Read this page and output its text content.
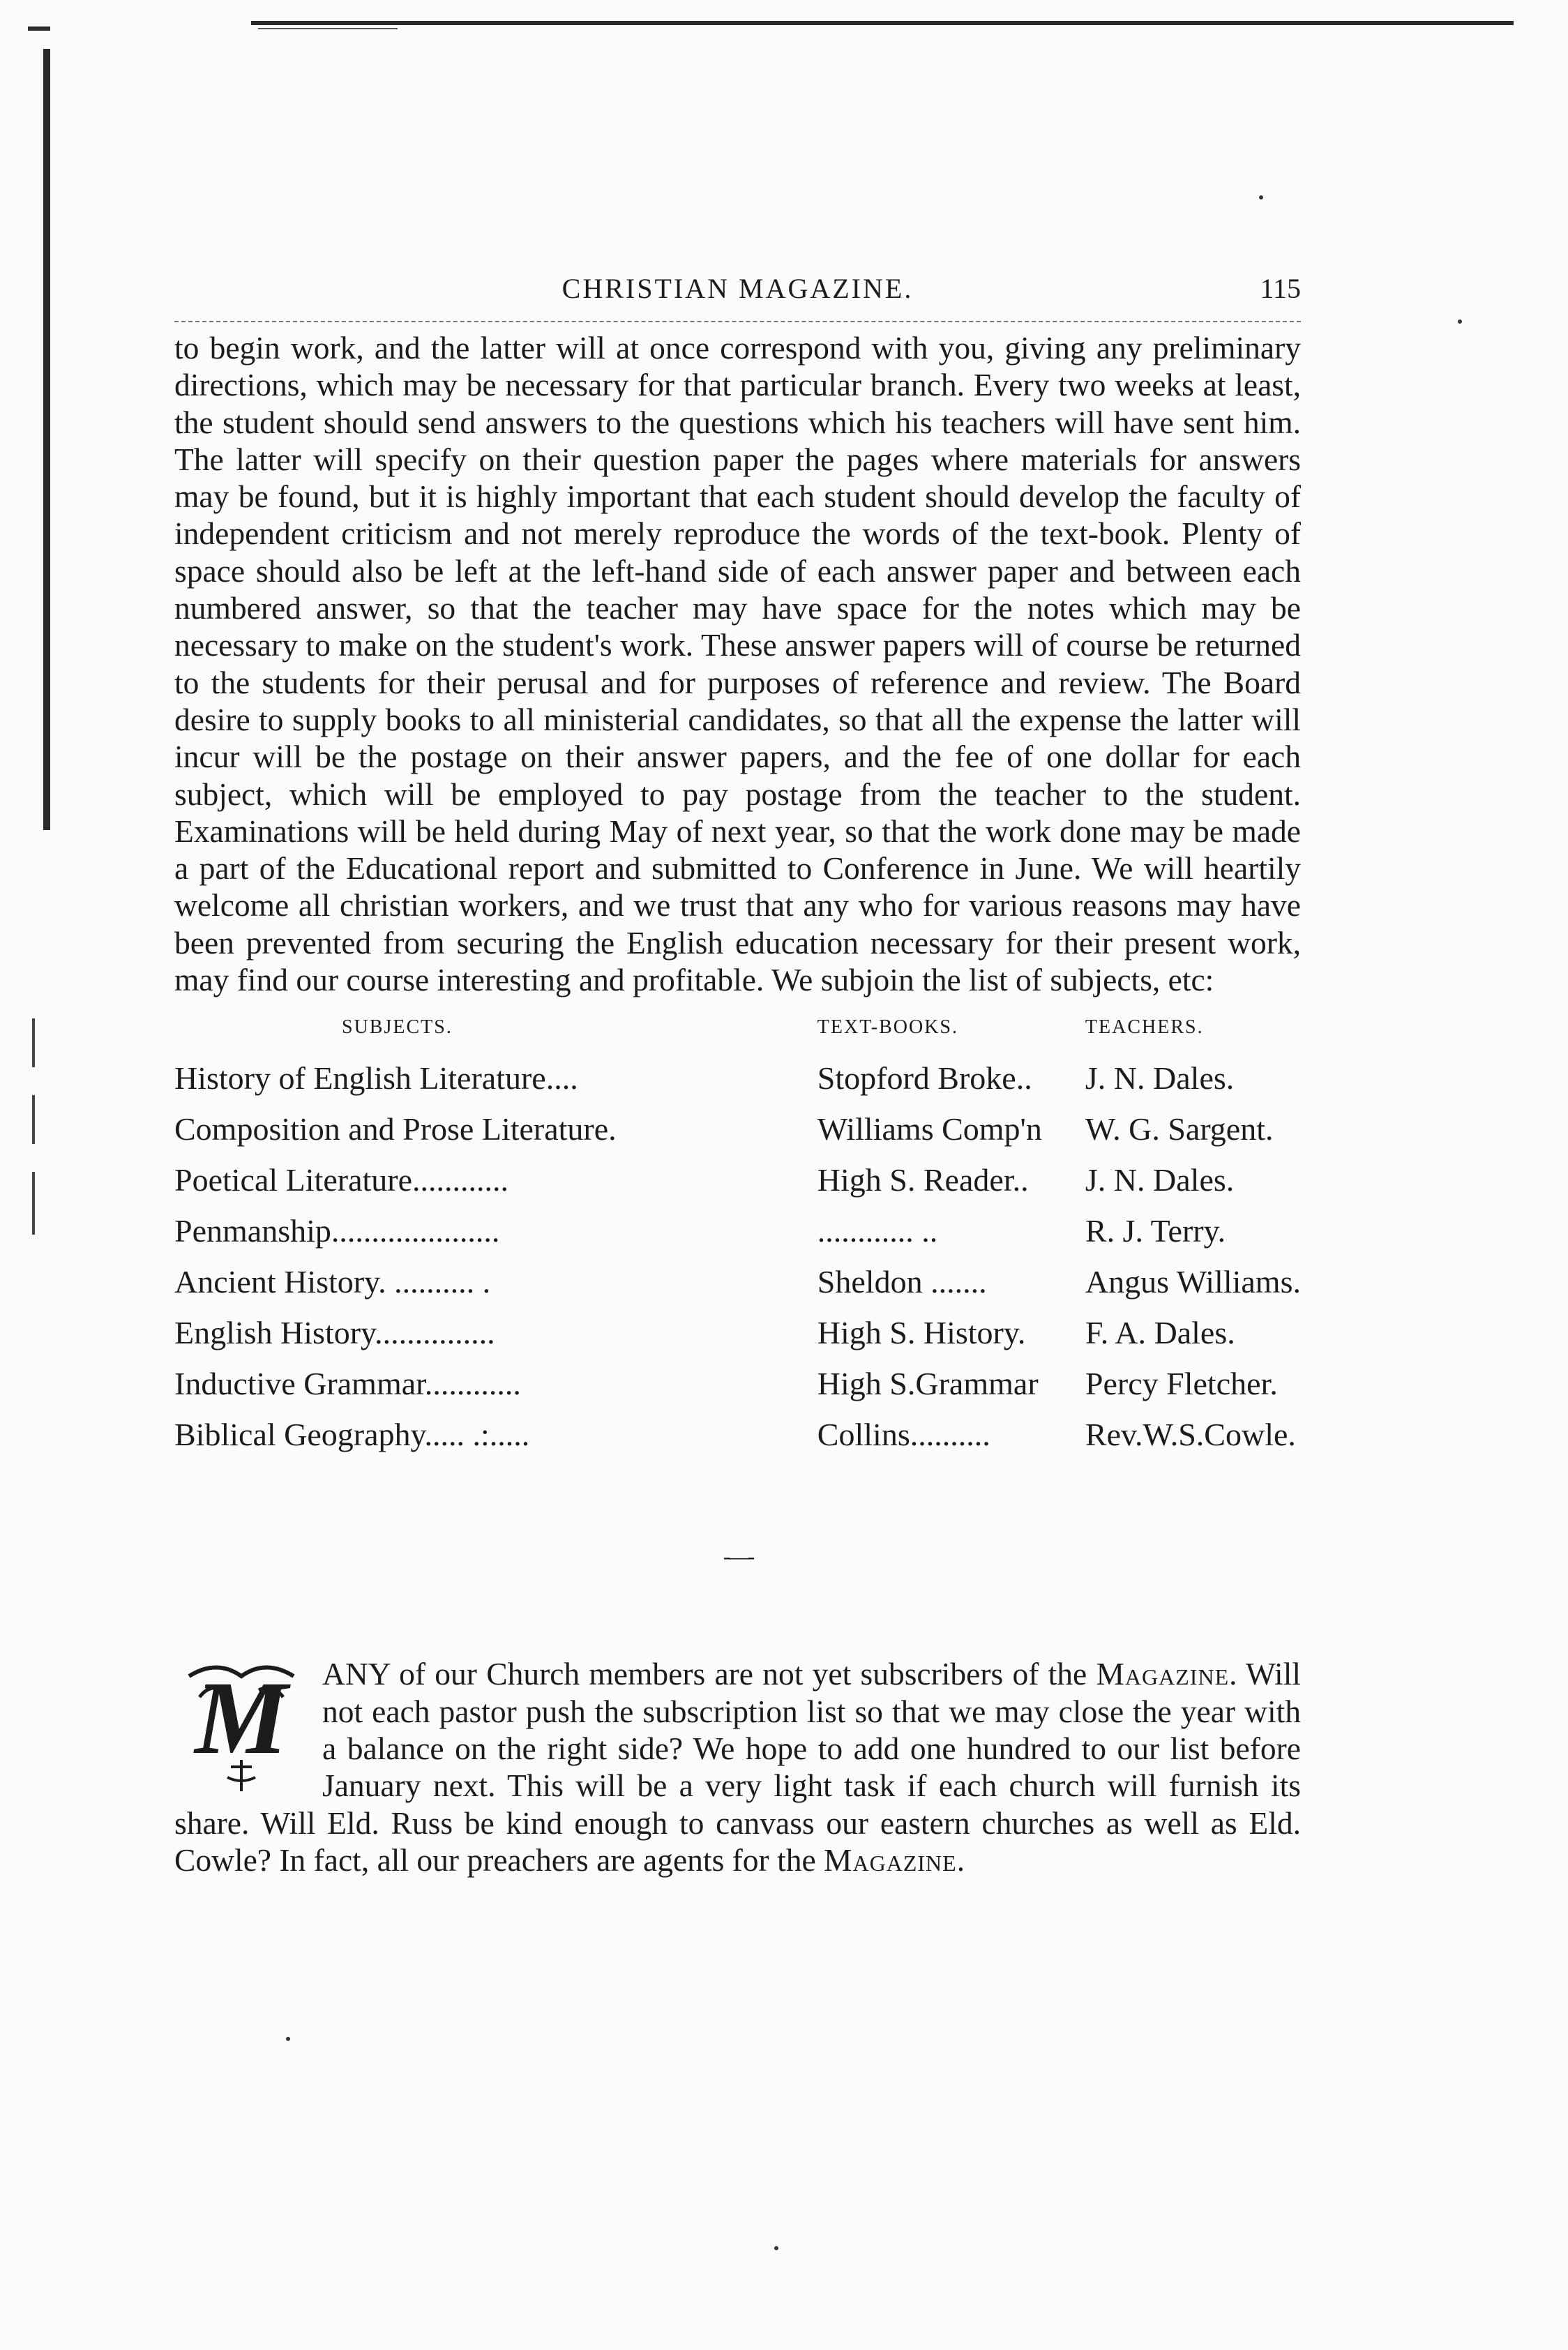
CHRISTIAN MAGAZINE.	115

to begin work, and the latter will at once correspond with you, giving any preliminary directions, which may be necessary for that particular branch. Every two weeks at least, the student should send answers to the questions which his teachers will have sent him. The latter will specify on their question paper the pages where materials for answers may be found, but it is highly important that each student should develop the faculty of independent criticism and not merely reproduce the words of the text-book. Plenty of space should also be left at the left-hand side of each answer paper and between each numbered answer, so that the teacher may have space for the notes which may be necessary to make on the student's work. These answer papers will of course be returned to the students for their perusal and for purposes of reference and review. The Board desire to supply books to all ministerial candidates, so that all the expense the latter will incur will be the postage on their answer papers, and the fee of one dollar for each subject, which will be employed to pay postage from the teacher to the student. Examinations will be held during May of next year, so that the work done may be made a part of the Educational report and submitted to Conference in June. We will heartily welcome all christian workers, and we trust that any who for various reasons may have been prevented from securing the English education necessary for their present work, may find our course interesting and profitable. We subjoin the list of subjects, etc:

SUBJECTS.	TEXT-BOOKS.	TEACHERS.
History of English Literature....	Stopford Broke..	J. N. Dales.
Composition and Prose Literature.	Williams Comp'n	W. G. Sargent.
Poetical Literature............	High S. Reader..	J. N. Dales.
Penmanship.....................	............ ..	R. J. Terry.
Ancient History. .......... .	Sheldon .......	Angus Williams.
English History...............	High S. History.	F. A. Dales.
Inductive Grammar............	High S.Grammar	Percy Fletcher.
Biblical Geography..... .:.....	Collins..........	Rev.W.S.Cowle.
-—-
M ANY of our Church members are not yet subscribers of the Magazine. Will not each pastor push the subscription list so that we may close the year with a balance on the right side? We hope to add one hundred to our list before January next. This will be a very light task if each church will furnish its share. Will Eld. Russ be kind enough to canvass our eastern churches as well as Eld. Cowle? In fact, all our preachers are agents for the Magazine.
